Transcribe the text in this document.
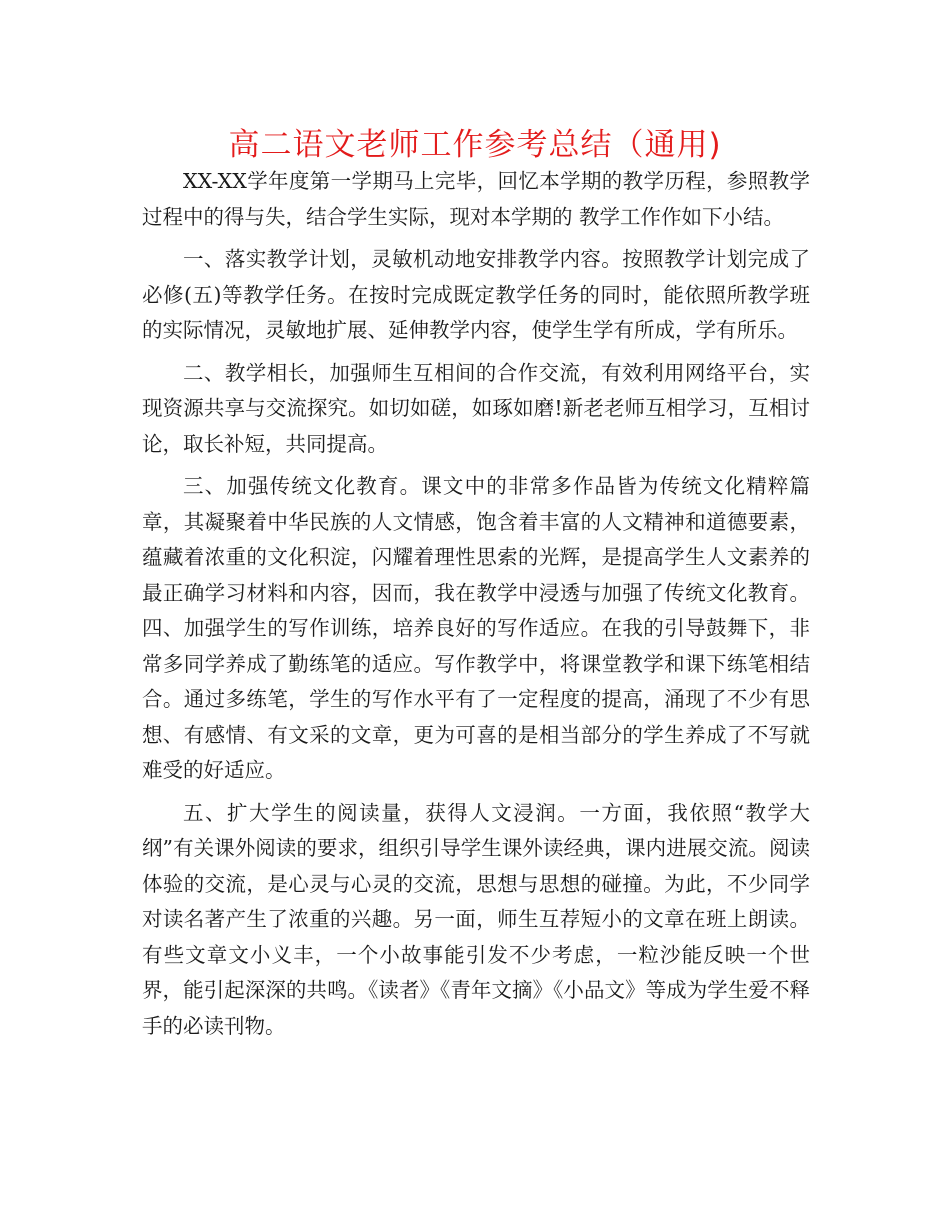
高二语文老师工作参考总结（通用)

XX-XX学年度第一学期马上完毕，回忆本学期的教学历程，参照教学过程中的得与失，结合学生实际，现对本学期的 教学工作作如下小结。

一、落实教学计划，灵敏机动地安排教学内容。按照教学计划完成了必修(五)等教学任务。在按时完成既定教学任务的同时，能依照所教学班的实际情况，灵敏地扩展、延伸教学内容，使学生学有所成，学有所乐。

二、教学相长，加强师生互相间的合作交流，有效利用网络平台，实现资源共享与交流探究。如切如磋，如琢如磨!新老老师互相学习，互相讨论，取长补短，共同提高。

三、加强传统文化教育。课文中的非常多作品皆为传统文化精粹篇章，其凝聚着中华民族的人文情感，饱含着丰富的人文精神和道德要素，蕴藏着浓重的文化积淀，闪耀着理性思索的光辉，是提高学生人文素养的最正确学习材料和内容，因而，我在教学中浸透与加强了传统文化教育。四、加强学生的写作训练，培养良好的写作适应。在我的引导鼓舞下，非常多同学养成了勤练笔的适应。写作教学中，将课堂教学和课下练笔相结合。通过多练笔，学生的写作水平有了一定程度的提高，涌现了不少有思想、有感情、有文采的文章，更为可喜的是相当部分的学生养成了不写就难受的好适应。

五、扩大学生的阅读量，获得人文浸润。一方面，我依照“教学大纲”有关课外阅读的要求，组织引导学生课外读经典，课内进展交流。阅读体验的交流，是心灵与心灵的交流，思想与思想的碰撞。为此，不少同学对读名著产生了浓重的兴趣。另一面，师生互荐短小的文章在班上朗读。有些文章文小义丰，一个小故事能引发不少考虑，一粒沙能反映一个世界，能引起深深的共鸣。《读者》《青年文摘》《小品文》等成为学生爱不释手的必读刊物。
